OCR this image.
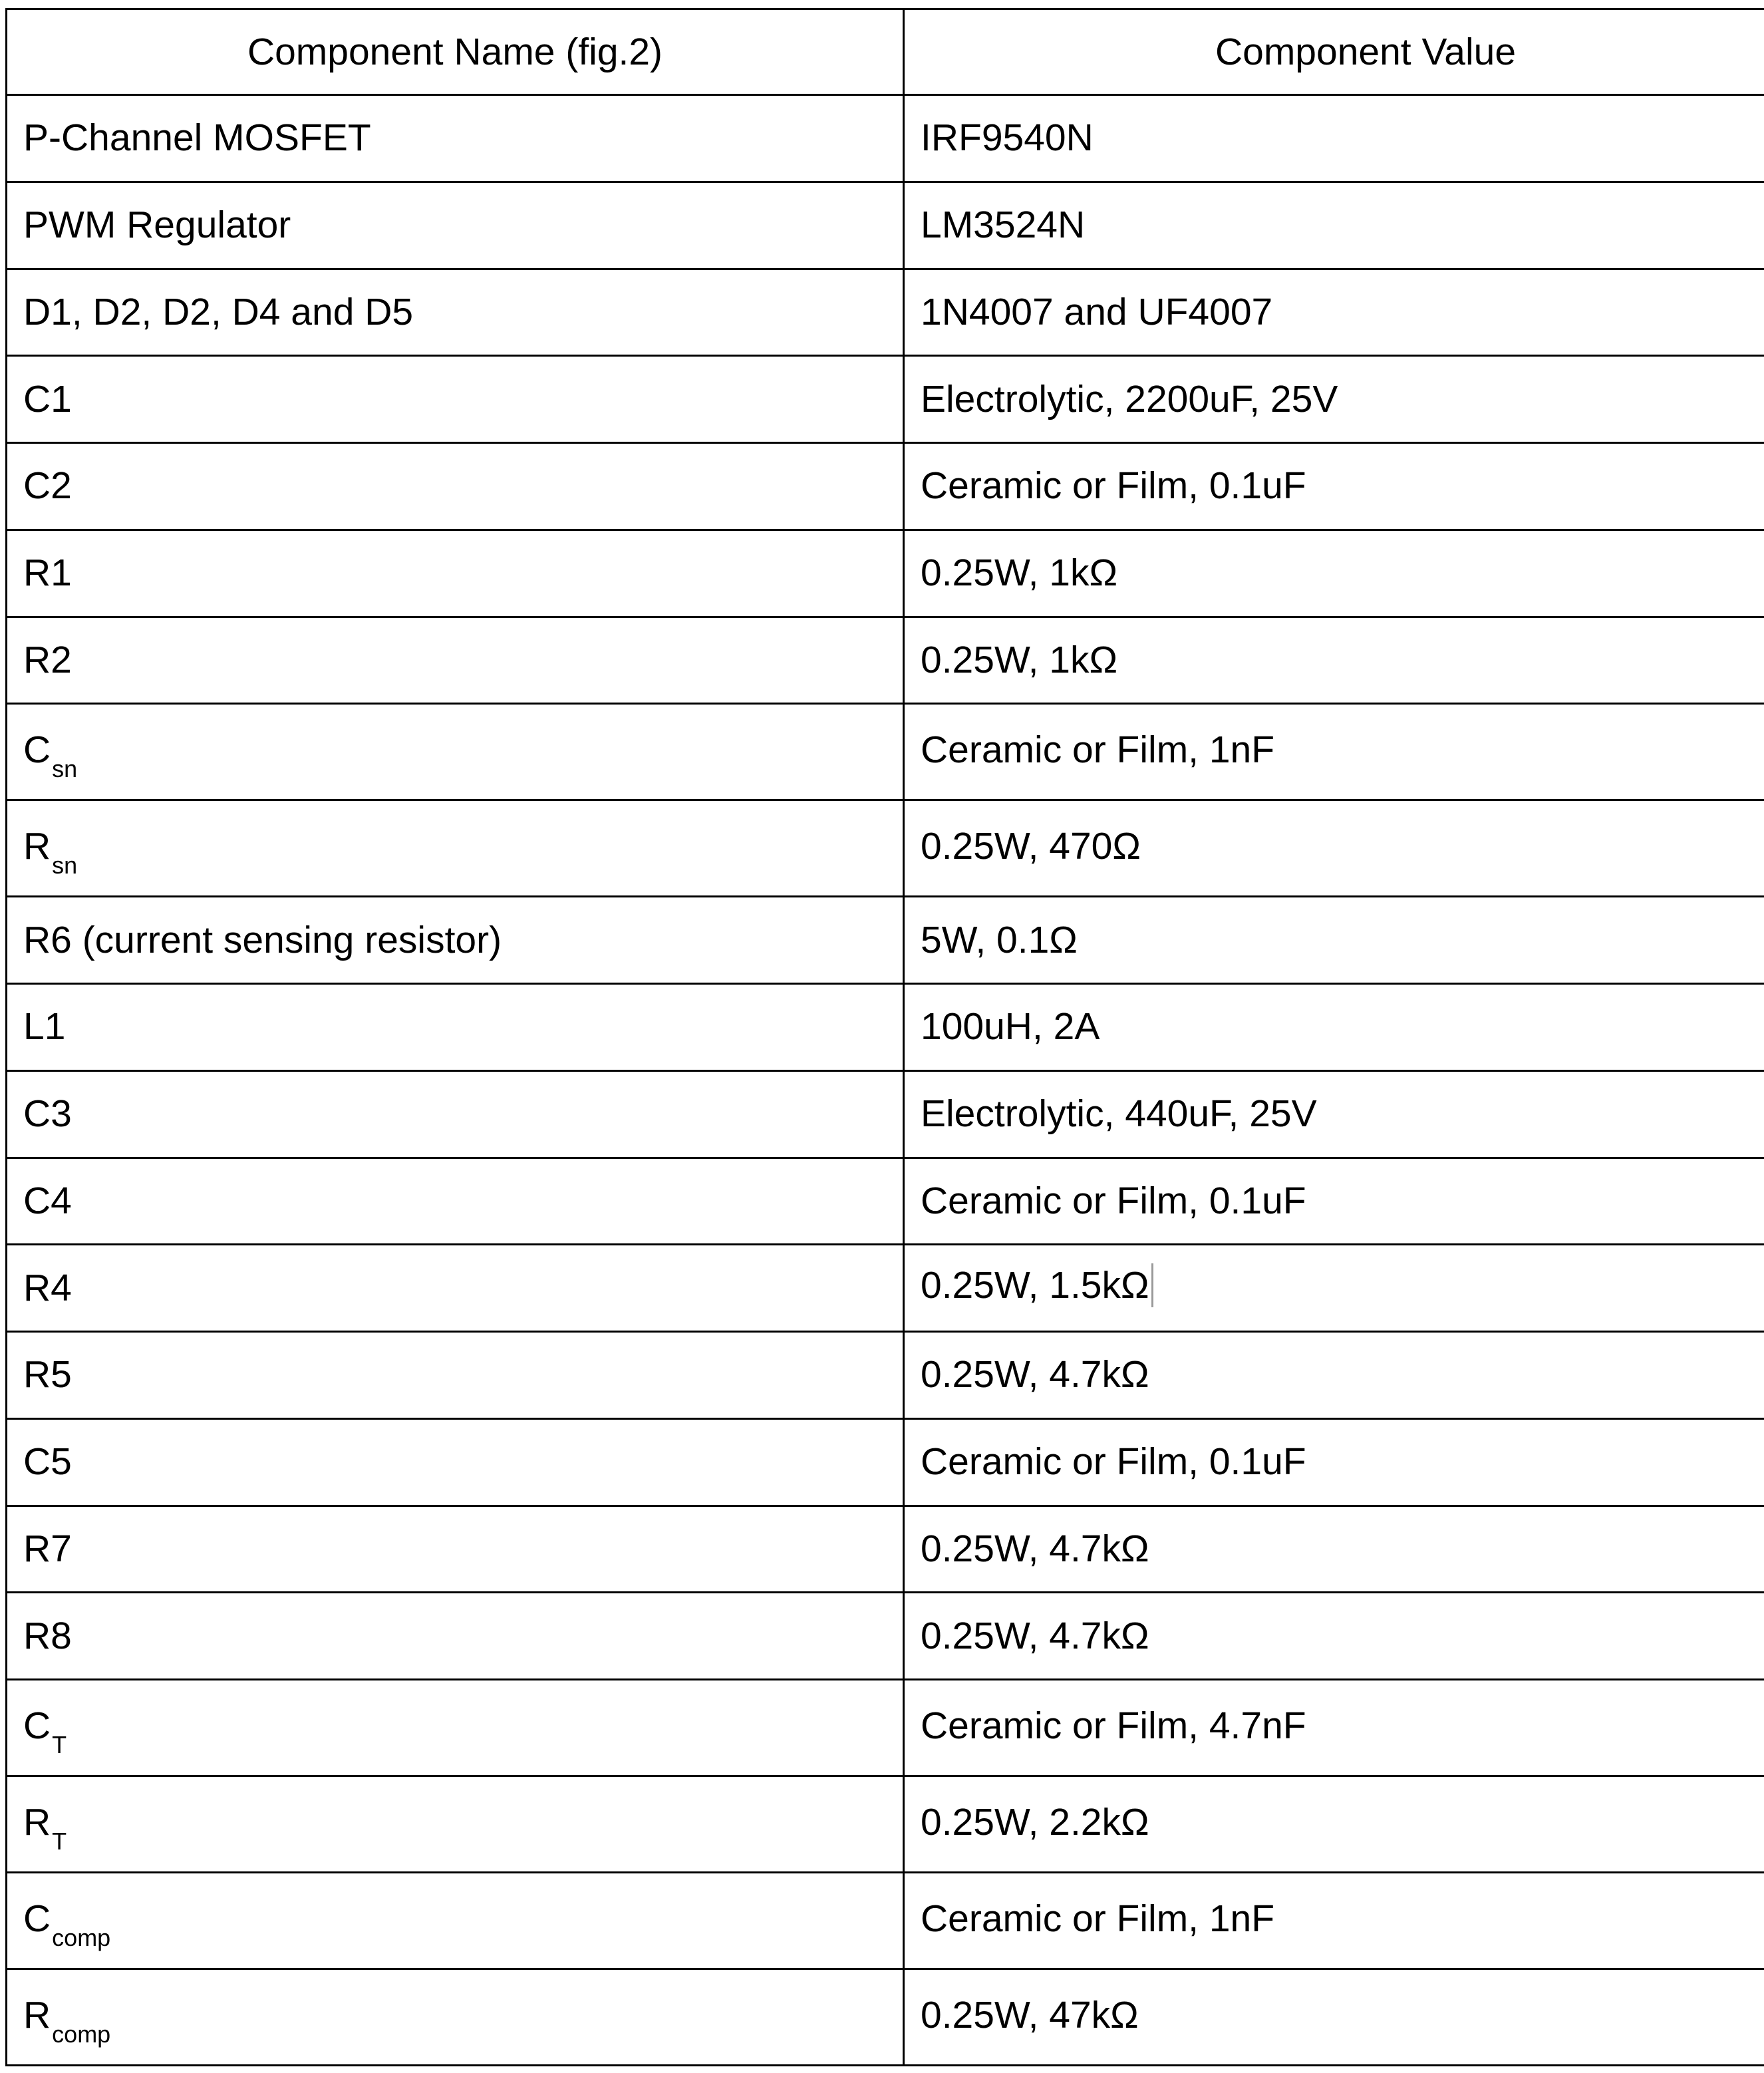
Component Name (fig.2)	Component Value
P-Channel MOSFET	IRF9540N
PWM Regulator	LM3524N
D1, D2, D2, D4 and D5	1N4007 and UF4007
C1	Electrolytic, 2200uF, 25V
C2	Ceramic or Film, 0.1uF
R1	0.25W, 1kΩ
R2	0.25W, 1kΩ
$C_{sn}$	Ceramic or Film, 1nF
$R_{sn}$	0.25W, 470Ω
R6 (current sensing resistor)	5W, 0.1Ω
L1	100uH, 2A
C3	Electrolytic, 440uF, 25V
C4	Ceramic or Film, 0.1uF
R4	0.25W, 1.5kΩ

R5	0.25W, 4.7kΩ
C5	Ceramic or Film, 0.1uF
R7	0.25W, 4.7kΩ
R8	0.25W, 4.7kΩ
$C_T$	Ceramic or Film, 4.7nF
$R_T$	0.25W, 2.2kΩ
$C_{comp}$	Ceramic or Film, 1nF
$R_{comp}$	0.25W, 47kΩ
